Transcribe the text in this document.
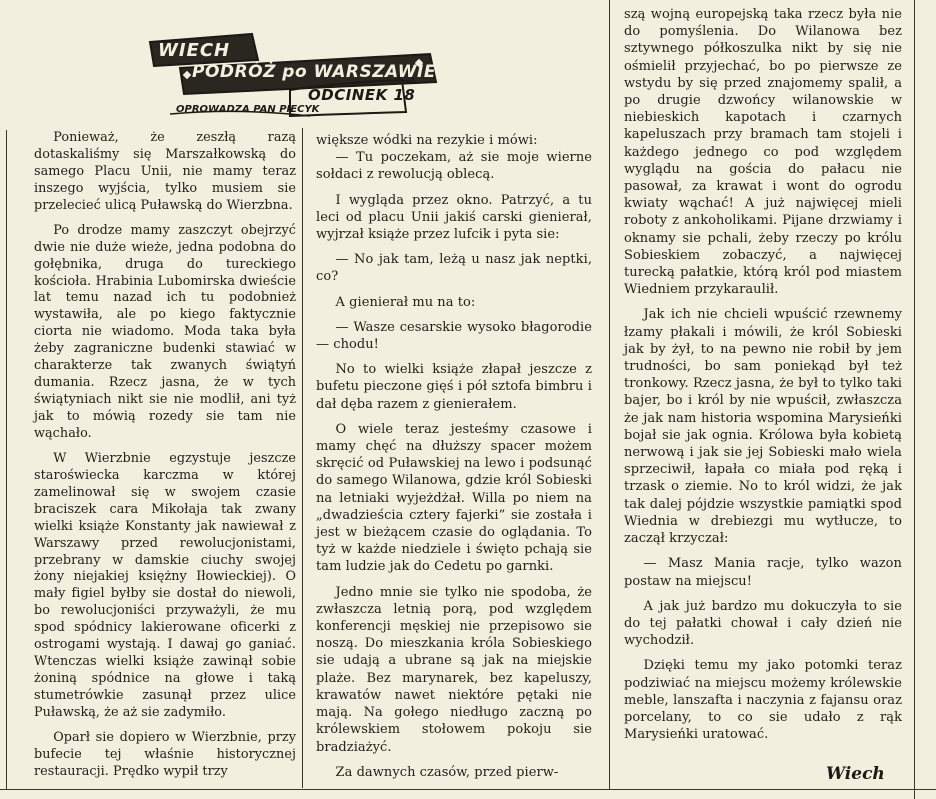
WIECH
PODRÓŻ po WARSZAWIE
ODCINEK 18
OPROWADZA PAN PIECYK

Ponieważ, że zeszłą razą dotaskaliśmy się Marszałkowską do samego Placu Unii, nie mamy teraz inszego wyjścia, tylko musiem sie przelecieć ulicą Puławską do Wierzbna.

Po drodze mamy zaszczyt obejrzyć dwie nie duże wieże, jedna podobna do gołębnika, druga do tureckiego kościoła. Hrabinia Lubomirska dwieście lat temu nazad ich tu podobnież wystawiła, ale po kiego faktycznie ciorta nie wiadomo. Moda taka była żeby zagraniczne budenki stawiać w charakterze tak zwanych świątyń dumania. Rzecz jasna, że w tych świątyniach nikt sie nie modlił, ani tyż jak to mówią rozedy sie tam nie wąchało.

W Wierzbnie egzystuje jeszcze staroświecka karczma w której zamelinował się w swojem czasie braciszek cara Mikołaja tak zwany wielki książe Konstanty jak nawiewał z Warszawy przed rewolucjonistami, przebrany w damskie ciuchy swojej żony niejakiej księżny Iłowieckiej). O mały figiel byłby sie dostał do niewoli, bo rewolucjoniści przyważyli, że mu spod spódnicy lakierowane oficerki z ostrogami wystają. I dawaj go ganiać. Wtenczas wielki książe zawinął sobie żoniną spódnice na głowe i taką stumetrówkie zasunął przez ulice Puławską, że aż sie zadymiło.

Oparł sie dopiero w Wierzbnie, przy bufecie tej właśnie historycznej restauracji. Prędko wypił trzy

większe wódki na rezykie i mówi:

— Tu poczekam, aż sie moje wierne sołdaci z rewolucją oblecą.

I wygląda przez okno. Patrzyć, a tu leci od placu Unii jakiś carski gienierał, wyjrzał książe przez lufcik i pyta sie:

— No jak tam, leżą u nasz jak neptki, co?

A gienierał mu na to:

— Wasze cesarskie wysoko błagorodie — chodu!

No to wielki książe złapał jeszcze z bufetu pieczone gięś i pół sztofa bimbru i dał dęba razem z gienierałem.

O wiele teraz jesteśmy czasowe i mamy chęć na dłuższy spacer możem skręcić od Puławskiej na lewo i podsunąć do samego Wilanowa, gdzie król Sobieski na letniaki wyjeżdżał. Willa po niem na „dwadzieścia cztery fajerki” sie została i jest w bieżącem czasie do oglądania. To tyż w każde niedziele i święto pchają sie tam ludzie jak do Cedetu po garnki.

Jedno mnie sie tylko nie spodoba, że zwłaszcza letnią porą, pod względem konferencji męskiej nie przepisowo sie noszą. Do mieszkania króla Sobieskiego sie udają a ubrane są jak na miejskie plaże. Bez marynarek, bez kapeluszy, krawatów nawet niektóre pętaki nie mają. Na gołego niedługo zaczną po królewskiem stołowem pokoju sie bradziażyć.

Za dawnych czasów, przed pierw-

szą wojną europejską taka rzecz była nie do pomyślenia. Do Wilanowa bez sztywnego półkoszulka nikt by się nie ośmielił przyjechać, bo po pierwsze ze wstydu by się przed znajomemy spalił, a po drugie dzwońcy wilanowskie w niebieskich kapotach i czarnych kapeluszach przy bramach tam stojeli i każdego jednego co pod względem wyglądu na gościa do pałacu nie pasował, za krawat i wont do ogrodu kwiaty wąchać! A już najwięcej mieli roboty z ankoholikami. Pijane drzwiamy i oknamy sie pchali, żeby rzeczy po królu Sobieskiem zobaczyć, a najwięcej turecką pałatkie, którą król pod miastem Wiedniem przykaraulił.

Jak ich nie chcieli wpuścić rzewnemy łzamy płakali i mówili, że król Sobieski jak by żył, to na pewno nie robił by jem trudności, bo sam poniekąd był też tronkowy. Rzecz jasna, że był to tylko taki bajer, bo i król by nie wpuścił, zwłaszcza że jak nam historia wspomina Marysieńki bojał sie jak ognia. Królowa była kobietą nerwową i jak sie jej Sobieski mało wiela sprzeciwił, łapała co miała pod ręką i trzask o ziemie. No to król widzi, że jak tak dalej pójdzie wszystkie pamiątki spod Wiednia w drebiezgi mu wytłucze, to zaczął krzyczał:

— Masz Mania racje, tylko wazon postaw na miejscu!

A jak już bardzo mu dokuczyła to sie do tej pałatki chował i cały dzień nie wychodził.

Dzięki temu my jako potomki teraz podziwiać na miejscu możemy królewskie meble, lanszafta i naczynia z fajansu oraz porcelany, to co sie udało z rąk Marysieńki uratować.

Wiech
